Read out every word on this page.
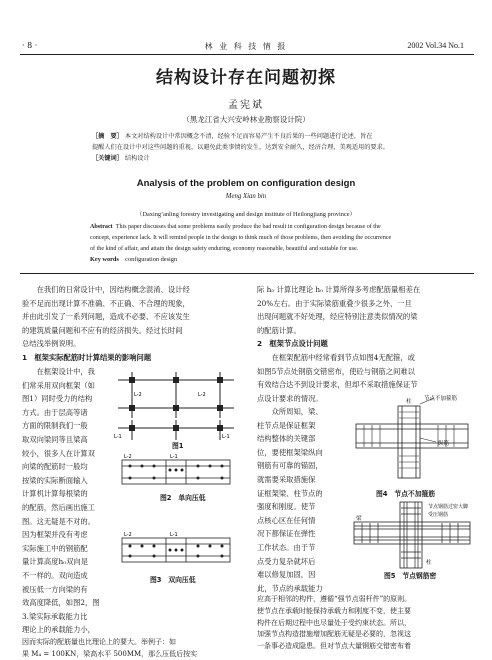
· 8 ·	林 业 科 技 情 报	2002 Vol.34 No.1
结构设计存在问题初探
孟宪斌
（黑龙江省大兴安岭林业勘察设计院）
［摘　要］ 本文对结构设计中常因概念不清，经验不足而容易产生不良后果的一些问题进行论述，旨在
提醒人们在设计中对这些问题的重视，以避免此类事情的发生，达到安全耐久，经济合理，美观适用的要求。
［关键词］ 结构设计
Analysis of the problem on configuration design
Meng Xian bin
（Daxing’anling forestry investigating and design institute of Heilongjiang province）
Abstract This paper discusses that some problems easily produce the bad result in configuration design because of the
concept, experience lack. It will remind people in the design to think much of those problems, then avoiding the occurrence
of the kind of affair, and attain the design safety enduring, economy reasonable, beautiful and suitable for use.
Key words configuration design

　　在我们的日常设计中，因结构概念混淆、设计经

验不足而出现计算不准确、不正确、不合理的现象，

并由此引发了一系列问题，造成不必要、不应该发生

的建筑质量问题和不应有的经济损失。经过长时间

总结浅举例说明。

1　框架实际配筋时计算结果的影响问题

　　在框架设计中，我

们常采用双向框架（如

图1）同时受力的结构

方式。由于层高等诸

方面的限制我们一般

取双向梁同等且梁高

较小，很多人在计算双

向梁的配筋时一般均

按梁的实际断面输入

计算机计算每根梁的

的配筋，然后画出施工

图。这无疑是不对的。

因为框架并没有考虑

实际施工中的钢筋配

量计算高度h₀双向是

不一样的。双向造成

被压低一方向梁的有

效高度降低，如图2，图

3.梁实际承载能力比

理论上的承载能力小，

因而实际的配筋量也比理论上的要大。举例子：如

果 M₄ = 100KN，梁高水平 500MM，那么压低后按实

L-2	L-2
L-1	L-1
图1
L-2	L-1
图2　单向压低
L-2	L-1
图3　双向压低

际 h₀ 计算比理论 h₀ 计算所得多考虑配筋量相差在

20%左右。由于实际梁筋重叠少很多之外，一旦

出现问题就不好处理，经应特别注意类似情况的梁

的配筋计算。

2　框架节点设计问题

　　在框架配筋中经常看到节点如图4无配箍，或

如图5节点处钢筋交错密布，使砼与钢筋之间难以

有效结合达不到设计要求，但却不采取措施保证节

点设计要求的情况。

　　众所周知，梁、

柱节点是保证框架

结构整体的关键部

位，要使框架梁纵向

钢筋有可靠的锚固，

就需要采取措施保

证框架梁、柱节点的

强度和刚度。使节

点核心区在任何情

况下都保证在弹性

工作状态。由于节

点受力复杂就坏后

难以修复加固，因

此，节点的承载能力

应高于相邻的构件，遵循“强节点弱杆件”的原则。

使节点在承载时能保持承载力和刚度不变，使主要

构件在后期过程中也尽量处于受约束状态。所以，

加强节点构造措施增加配筋无疑是必要的，忽视这

一条事必造成隐患。但对节点大量钢筋交错密布着

节点不加箍筋
柱
纵筋
图4　节点不加箍筋
节点钢筋过密大脚
受压钢筋
梁
柱
图5　节点钢筋密
